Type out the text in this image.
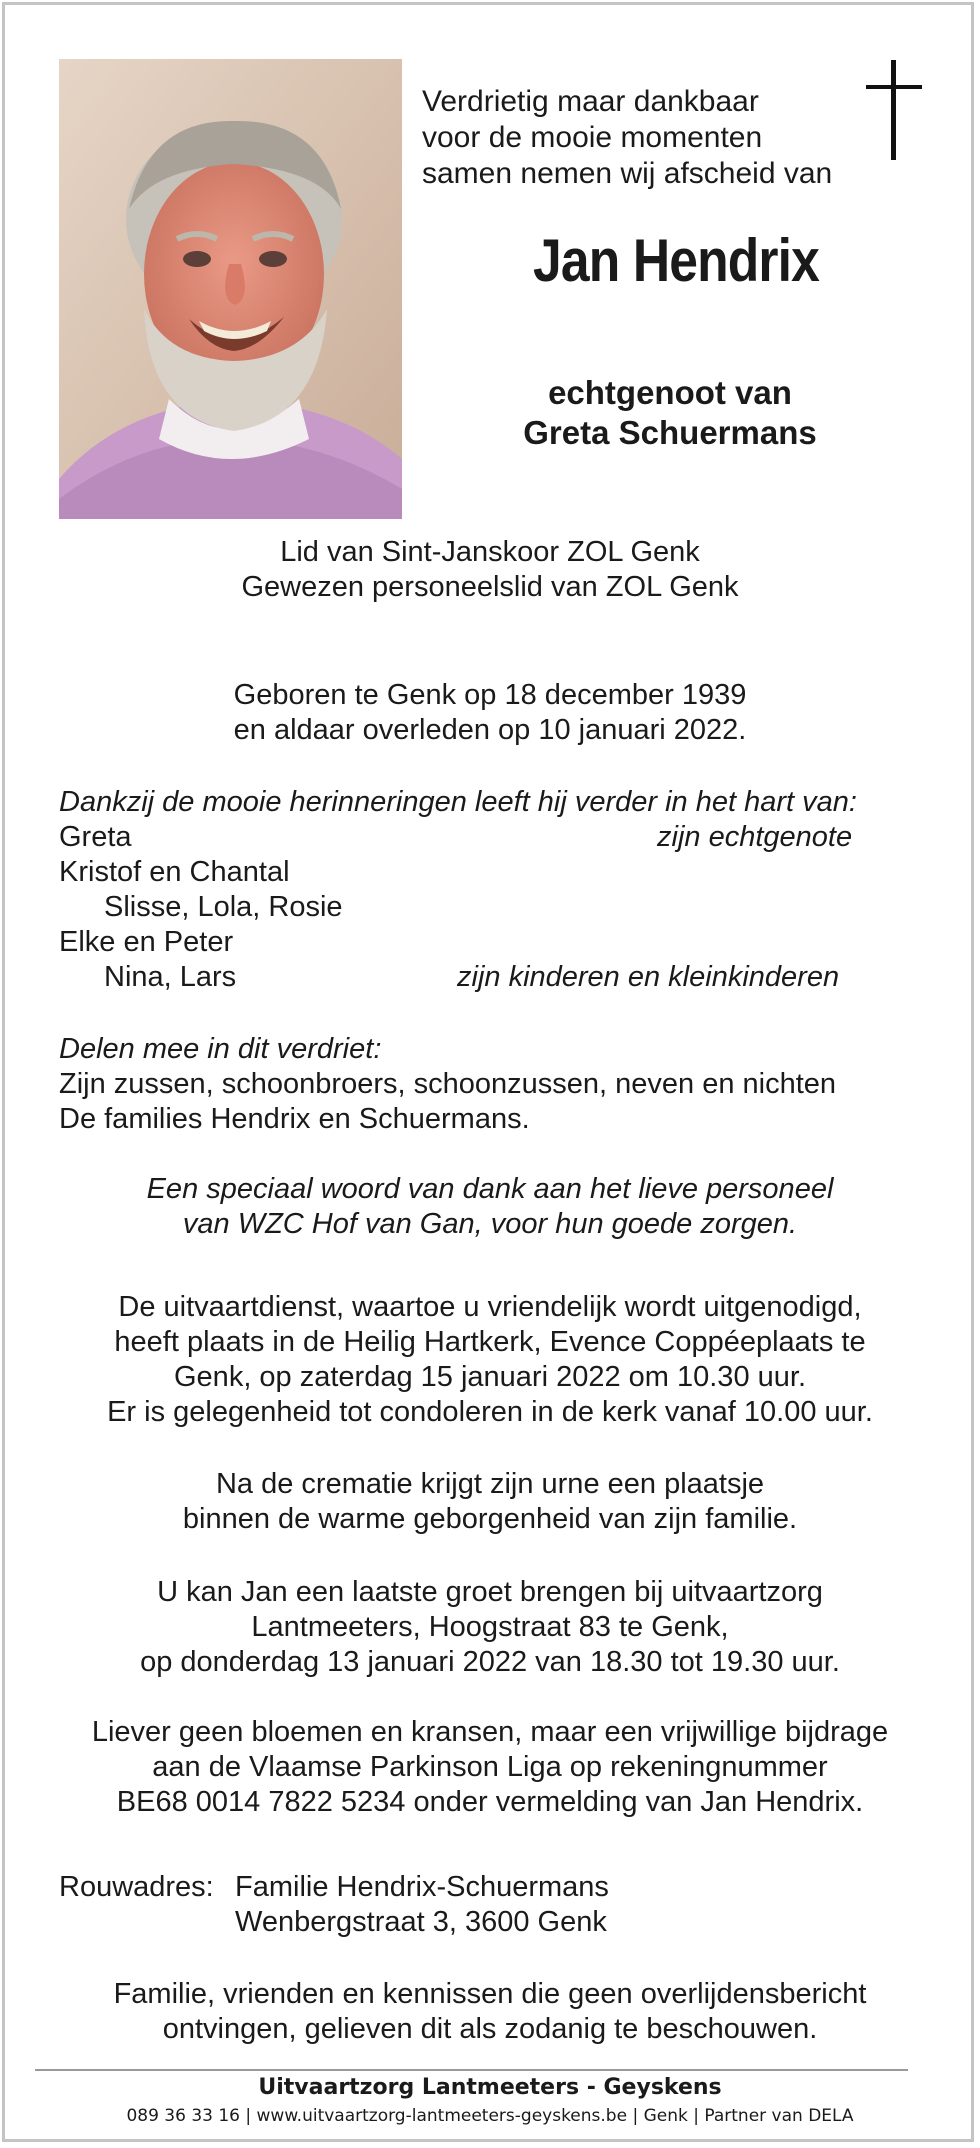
Verdrietig maar dankbaar
voor de mooie momenten
samen nemen wij afscheid van
Jan Hendrix
echtgenoot van
Greta Schuermans
Lid van Sint-Janskoor ZOL Genk
Gewezen personeelslid van ZOL Genk
Geboren te Genk op 18 december 1939
en aldaar overleden op 10 januari 2022.
Dankzij de mooie herinneringen leeft hij verder in het hart van:
Greta	zijn echtgenote
Kristof en Chantal
Slisse, Lola, Rosie
Elke en Peter
Nina, Lars	zijn kinderen en kleinkinderen
Delen mee in dit verdriet:
Zijn zussen, schoonbroers, schoonzussen, neven en nichten
De families Hendrix en Schuermans.
Een speciaal woord van dank aan het lieve personeel
van WZC Hof van Gan, voor hun goede zorgen.
De uitvaartdienst, waartoe u vriendelijk wordt uitgenodigd,
heeft plaats in de Heilig Hartkerk, Evence Coppéeplaats te
Genk, op zaterdag 15 januari 2022 om 10.30 uur.
Er is gelegenheid tot condoleren in de kerk vanaf 10.00 uur.
Na de crematie krijgt zijn urne een plaatsje
binnen de warme geborgenheid van zijn familie.
U kan Jan een laatste groet brengen bij uitvaartzorg
Lantmeeters, Hoogstraat 83 te Genk,
op donderdag 13 januari 2022 van 18.30 tot 19.30 uur.
Liever geen bloemen en kransen, maar een vrijwillige bijdrage
aan de Vlaamse Parkinson Liga op rekeningnummer
BE68 0014 7822 5234 onder vermelding van Jan Hendrix.
Rouwadres: Familie Hendrix-Schuermans
Wenbergstraat 3, 3600 Genk
Familie, vrienden en kennissen die geen overlijdensbericht
ontvingen, gelieven dit als zodanig te beschouwen.
Uitvaartzorg Lantmeeters - Geyskens
089 36 33 16 | www.uitvaartzorg-lantmeeters-geyskens.be | Genk | Partner van DELA
